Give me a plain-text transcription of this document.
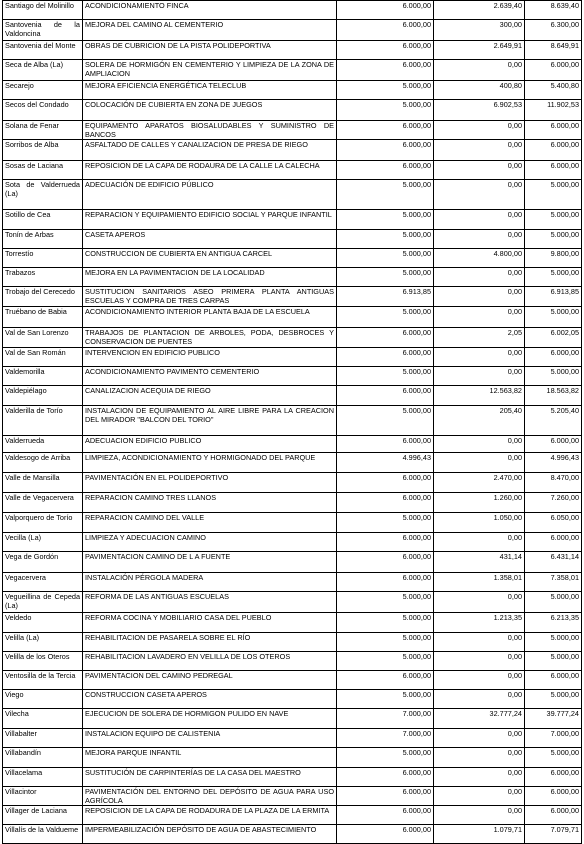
Santiago del Molinillo	ACONDICIONAMIENTO FINCA	6.000,00	2.639,40	8.639,40
Santovenia de la Valdoncina	MEJORA DEL CAMINO AL CEMENTERIO	6.000,00	300,00	6.300,00
Santovenia del Monte	OBRAS DE CUBRICION DE LA PISTA POLIDEPORTIVA	6.000,00	2.649,91	8.649,91
Seca de Alba (La)	SOLERA DE HORMIGÓN EN CEMENTERIO Y LIMPIEZA DE LA ZONA DE AMPLIACION	6.000,00	0,00	6.000,00
Secarejo	MEJORA EFICIENCIA ENERGÉTICA TELECLUB	5.000,00	400,80	5.400,80
Secos del Condado	COLOCACIÓN DE CUBIERTA EN ZONA DE JUEGOS	5.000,00	6.902,53	11.902,53
Solana de Fenar	EQUIPAMENTO APARATOS BIOSALUDABLES Y SUMINISTRO DE BANCOS	6.000,00	0,00	6.000,00
Sorribos de Alba	ASFALTADO DE CALLES Y CANALIZACION DE PRESA DE RIEGO	6.000,00	0,00	6.000,00
Sosas de Laciana	REPOSICION DE LA CAPA DE RODAURA DE LA CALLE LA CALECHA	6.000,00	0,00	6.000,00
Sota de Valderrueda (La)	ADECUACIÓN DE EDIFICIO PÚBLICO	5.000,00	0,00	5.000,00
Sotillo de Cea	REPARACION Y EQUIPAMIENTO EDIFICIO SOCIAL Y PARQUE INFANTIL	5.000,00	0,00	5.000,00
Tonín de Arbas	CASETA APEROS	5.000,00	0,00	5.000,00
Torrestío	CONSTRUCCION DE CUBIERTA EN ANTIGUA CARCEL	5.000,00	4.800,00	9.800,00
Trabazos	MEJORA EN LA PAVIMENTACION DE LA LOCALIDAD	5.000,00	0,00	5.000,00
Trobajo del Cerecedo	SUSTITUCION SANITARIOS ASEO PRIMERA PLANTA ANTIGUAS ESCUELAS Y COMPRA DE TRES CARPAS	6.913,85	0,00	6.913,85
Truébano de Babia	ACONDICIONAMIENTO INTERIOR PLANTA BAJA DE LA ESCUELA	5.000,00	0,00	5.000,00
Val de San Lorenzo	TRABAJOS DE PLANTACION DE ARBOLES, PODA, DESBROCES Y CONSERVACION DE PUENTES	6.000,00	2,05	6.002,05
Val de San Román	INTERVENCION EN EDIFICIO PUBLICO	6.000,00	0,00	6.000,00
Valdemorilla	ACONDICIONAMIENTO PAVIMENTO CEMENTERIO	5.000,00	0,00	5.000,00
Valdepiélago	CANALIZACION ACEQUIA DE RIEGO	6.000,00	12.563,82	18.563,82
Valderilla de Torío	INSTALACION DE EQUIPAMIENTO AL AIRE LIBRE PARA LA CREACION DEL MIRADOR "BALCON DEL TORIO"	5.000,00	205,40	5.205,40
Valderrueda	ADECUACION EDIFICIO PUBLICO	6.000,00	0,00	6.000,00
Valdesogo de Arriba	LIMPIEZA, ACONDICIONAMIENTO Y HORMIGONADO DEL PARQUE	4.996,43	0,00	4.996,43
Valle de Mansilla	PAVIMENTACIÓN EN EL POLIDEPORTIVO	6.000,00	2.470,00	8.470,00
Valle de Vegacervera	REPARACION CAMINO TRES LLANOS	6.000,00	1.260,00	7.260,00
Valporquero de Torío	REPARACION CAMINO DEL VALLE	5.000,00	1.050,00	6.050,00
Vecilla (La)	LIMPIEZA Y ADECUACION CAMINO	6.000,00	0,00	6.000,00
Vega de Gordón	PAVIMENTACION CAMINO DE L A FUENTE	6.000,00	431,14	6.431,14
Vegacervera	INSTALACIÓN PÉRGOLA MADERA	6.000,00	1.358,01	7.358,01
Vegueillina de Cepeda (La)	REFORMA DE LAS ANTIGUAS ESCUELAS	5.000,00	0,00	5.000,00
Veldedo	REFORMA COCINA Y MOBILIARIO CASA DEL PUEBLO	5.000,00	1.213,35	6.213,35
Velilla (La)	REHABILITACION DE PASARELA SOBRE EL RÍO	5.000,00	0,00	5.000,00
Velilla de los Oteros	REHABILITACION LAVADERO EN VELILLA DE LOS OTEROS	5.000,00	0,00	5.000,00
Ventosilla de la Tercia	PAVIMENTACION DEL CAMINO PEDREGAL	6.000,00	0,00	6.000,00
Viego	CONSTRUCCION CASETA APEROS	5.000,00	0,00	5.000,00
Vilecha	EJECUCION DE SOLERA DE HORMIGON PULIDO EN NAVE	7.000,00	32.777,24	39.777,24
Villabalter	INSTALACION EQUIPO DE CALISTENIA	7.000,00	0,00	7.000,00
Villabandín	MEJORA PARQUE INFANTIL	5.000,00	0,00	5.000,00
Villacelama	SUSTITUCIÓN DE CARPINTERÍAS DE LA CASA DEL MAESTRO	6.000,00	0,00	6.000,00
Villacintor	PAVIMENTACIÓN DEL ENTORNO DEL DEPÓSITO DE AGUA PARA USO AGRÍCOLA	6.000,00	0,00	6.000,00
Villager de Laciana	REPOSICION DE LA CAPA DE RODADURA DE LA PLAZA DE LA ERMITA	6.000,00	0,00	6.000,00
Villalís de la Valdueme	IMPERMEABILIZACIÓN DEPÓSITO DE AGUA DE ABASTECIMIENTO	6.000,00	1.079,71	7.079,71
